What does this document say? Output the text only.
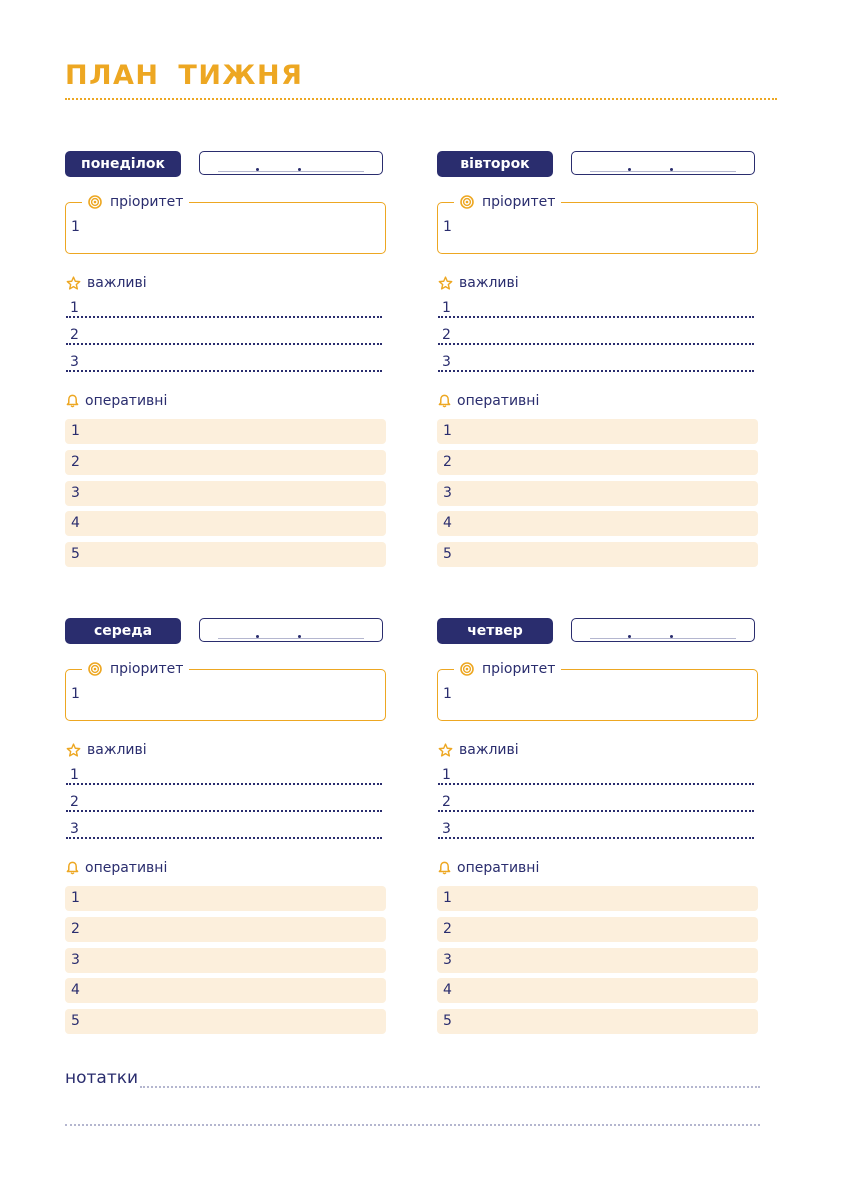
ПЛАН ТИЖНЯ
понеділок
пріоритет
1
важливі
1
2
3
оперативні
1
2
3
4
5
вівторок
пріоритет
1
важливі
1
2
3
оперативні
1
2
3
4
5
середа
пріоритет
1
важливі
1
2
3
оперативні
1
2
3
4
5
четвер
пріоритет
1
важливі
1
2
3
оперативні
1
2
3
4
5
нотатки
